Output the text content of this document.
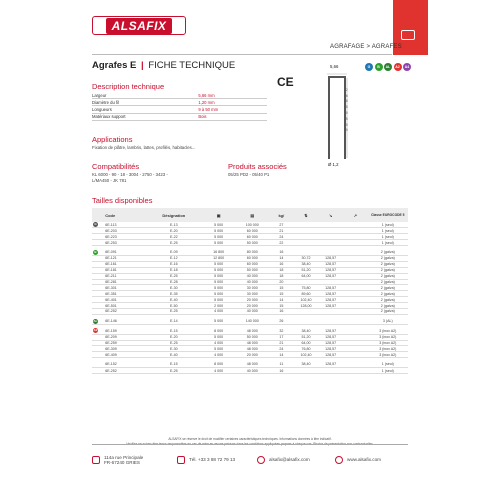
ALSAFIX
AGRAFAGE > AGRAFES
Agrafes E | FICHE TECHNIQUE
CE
Description technique
Largeur	5,66 mm
Diamètre du fil	1,20 mm
Longueurs	9 à 50 mm
Matériaux support	Bois
Applications
Fixation de plâtre, lambris, lattes, profilés, habitacles...
Compatibilités
KL 6000 - 90 - 18 - 3004 - 2750 - 3423 -
L/MA450 - JK 781
Produits associés
05/25 PD2 - 05/40 P1
5,66
9
12
16
18
25
30
35
40
50
Ø 1,2
G	B	AL	A2	A4
Tailles disponibles
	Code	Désignation	▣	▤	kg/	⇅	↘	↗	Classe EUROCODE 5
G	6E-113	E-13	5 000	100 000	27				1 (seul)
	6E-203	E-20	5 000	60 000	21				1 (seul)
	6E-223	E-22	5 000	60 000	24				1 (seul)
	6E-253	E-25	5 000	50 000	22				1 (seul)

B	6E-091	E-09	16 800	80 000	16				2 (galva)
	6E-121	E-12	12 800	60 000	14	30,72	128,57		2 (galva)
	6E-161	E-16	5 000	60 000	16	38,40	128,57		2 (galva)
	6E-181	E-18	5 000	50 000	18	51,20	128,57		2 (galva)
	6E-211	E-25	5 000	40 000	18	64,00	128,57		2 (galva)
	6E-281	E-28	5 000	40 000	20				2 (galva)
	6E-301	E-30	5 000	30 000	15	75,80	128,57		2 (galva)
	6E-351	E-35	5 000	30 000	15	89,60	128,57		2 (galva)
	6E-401	E-40	5 000	20 000	14	102,40	128,57		2 (galva)
	6E-501	E-50	2 000	20 000	15	128,00	128,57		2 (galva)
	6E-252	E-25	4 000	40 000	16				2 (galva)

AL	6E-146	E-14	5 000	140 000	26				3 (AL)

A2	6E-159	E-15	8 000	48 000	32	38,40	128,57		3 (inox A2)
	6E-209	E-20	5 000	50 000	17	51,20	128,57		3 (inox A2)
	6E-259	E-25	4 000	48 000	21	64,00	128,57		3 (inox A2)
	6E-309	E-30	5 000	48 000	24	76,80	128,57		3 (inox A2)
	6E-409	E-40	4 000	20 000	14	102,40	128,57		3 (inox A2)

	6E-152	E-15	8 000	48 000	11	38,40	128,57		1 (seul)
	6E-252	E-25	4 000	40 000	16				1 (seul)
ALSAFIX se réserve le droit de modifier certaines caractéristiques techniques. Informations données à titre indicatif.
Veuillez ne suivez être tenus responsables en cas de mise en œuvre prévues dans les conditions appliquées propres à chaque cas. Photos de présentation non contractuelles.
114a rue Principale
FR-67240 GRIES	Tél. +33 3 88 72 79 13	alsafix@alsafix.com	www.alsafix.com
